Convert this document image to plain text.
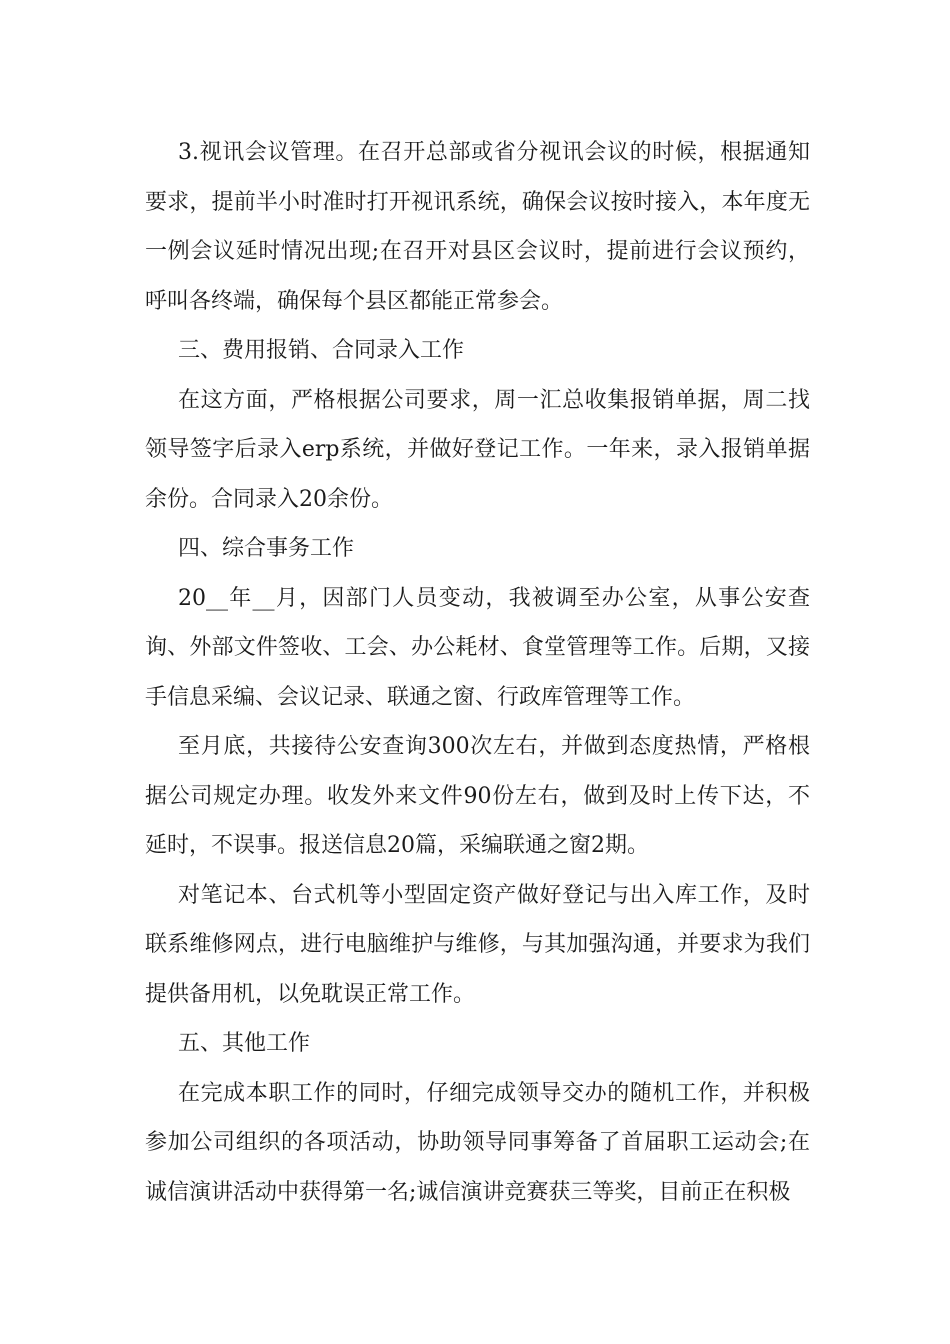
3.视讯会议管理。在召开总部或省分视讯会议的时候，根据通知要求，提前半小时准时打开视讯系统，确保会议按时接入，本年度无一例会议延时情况出现;在召开对县区会议时，提前进行会议预约，呼叫各终端，确保每个县区都能正常参会。

三、费用报销、合同录入工作

在这方面，严格根据公司要求，周一汇总收集报销单据，周二找领导签字后录入erp系统，并做好登记工作。一年来，录入报销单据余份。合同录入20余份。

四、综合事务工作

20__年__月，因部门人员变动，我被调至办公室，从事公安查询、外部文件签收、工会、办公耗材、食堂管理等工作。后期，又接手信息采编、会议记录、联通之窗、行政库管理等工作。

至月底，共接待公安查询300次左右，并做到态度热情，严格根据公司规定办理。收发外来文件90份左右，做到及时上传下达，不延时，不误事。报送信息20篇，采编联通之窗2期。

对笔记本、台式机等小型固定资产做好登记与出入库工作，及时联系维修网点，进行电脑维护与维修，与其加强沟通，并要求为我们提供备用机，以免耽误正常工作。

五、其他工作

在完成本职工作的同时，仔细完成领导交办的随机工作，并积极参加公司组织的各项活动，协助领导同事筹备了首届职工运动会;在诚信演讲活动中获得第一名;诚信演讲竞赛获三等奖，目前正在积极
